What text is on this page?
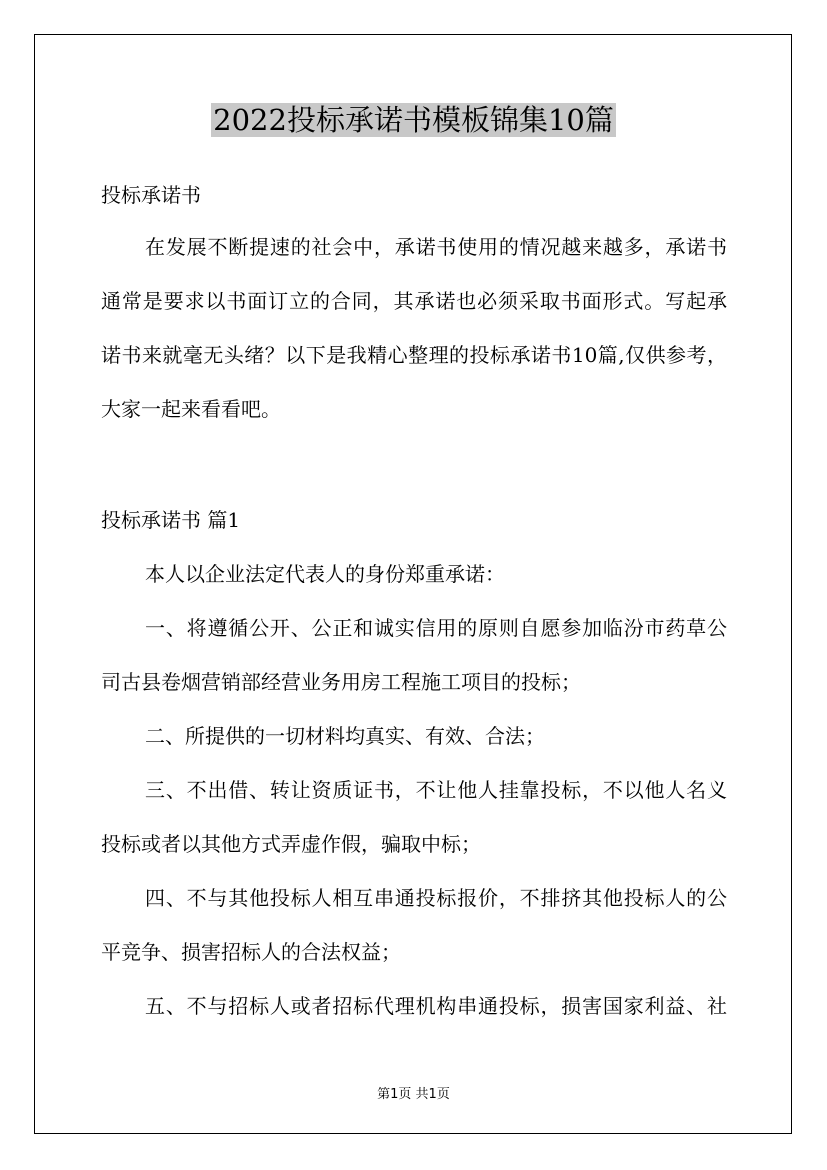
2022投标承诺书模板锦集10篇

投标承诺书

在发展不断提速的社会中，承诺书使用的情况越来越多，承诺书
通常是要求以书面订立的合同，其承诺也必须采取书面形式。写起承
诺书来就毫无头绪？以下是我精心整理的投标承诺书10篇,仅供参考，
大家一起来看看吧。

投标承诺书 篇1

本人以企业法定代表人的身份郑重承诺：
一、将遵循公开、公正和诚实信用的原则自愿参加临汾市药草公
司古县卷烟营销部经营业务用房工程施工项目的投标；
二、所提供的一切材料均真实、有效、合法；
三、不出借、转让资质证书，不让他人挂靠投标，不以他人名义
投标或者以其他方式弄虚作假，骗取中标；
四、不与其他投标人相互串通投标报价，不排挤其他投标人的公
平竞争、损害招标人的合法权益；
五、不与招标人或者招标代理机构串通投标，损害国家利益、社
第1页 共1页
